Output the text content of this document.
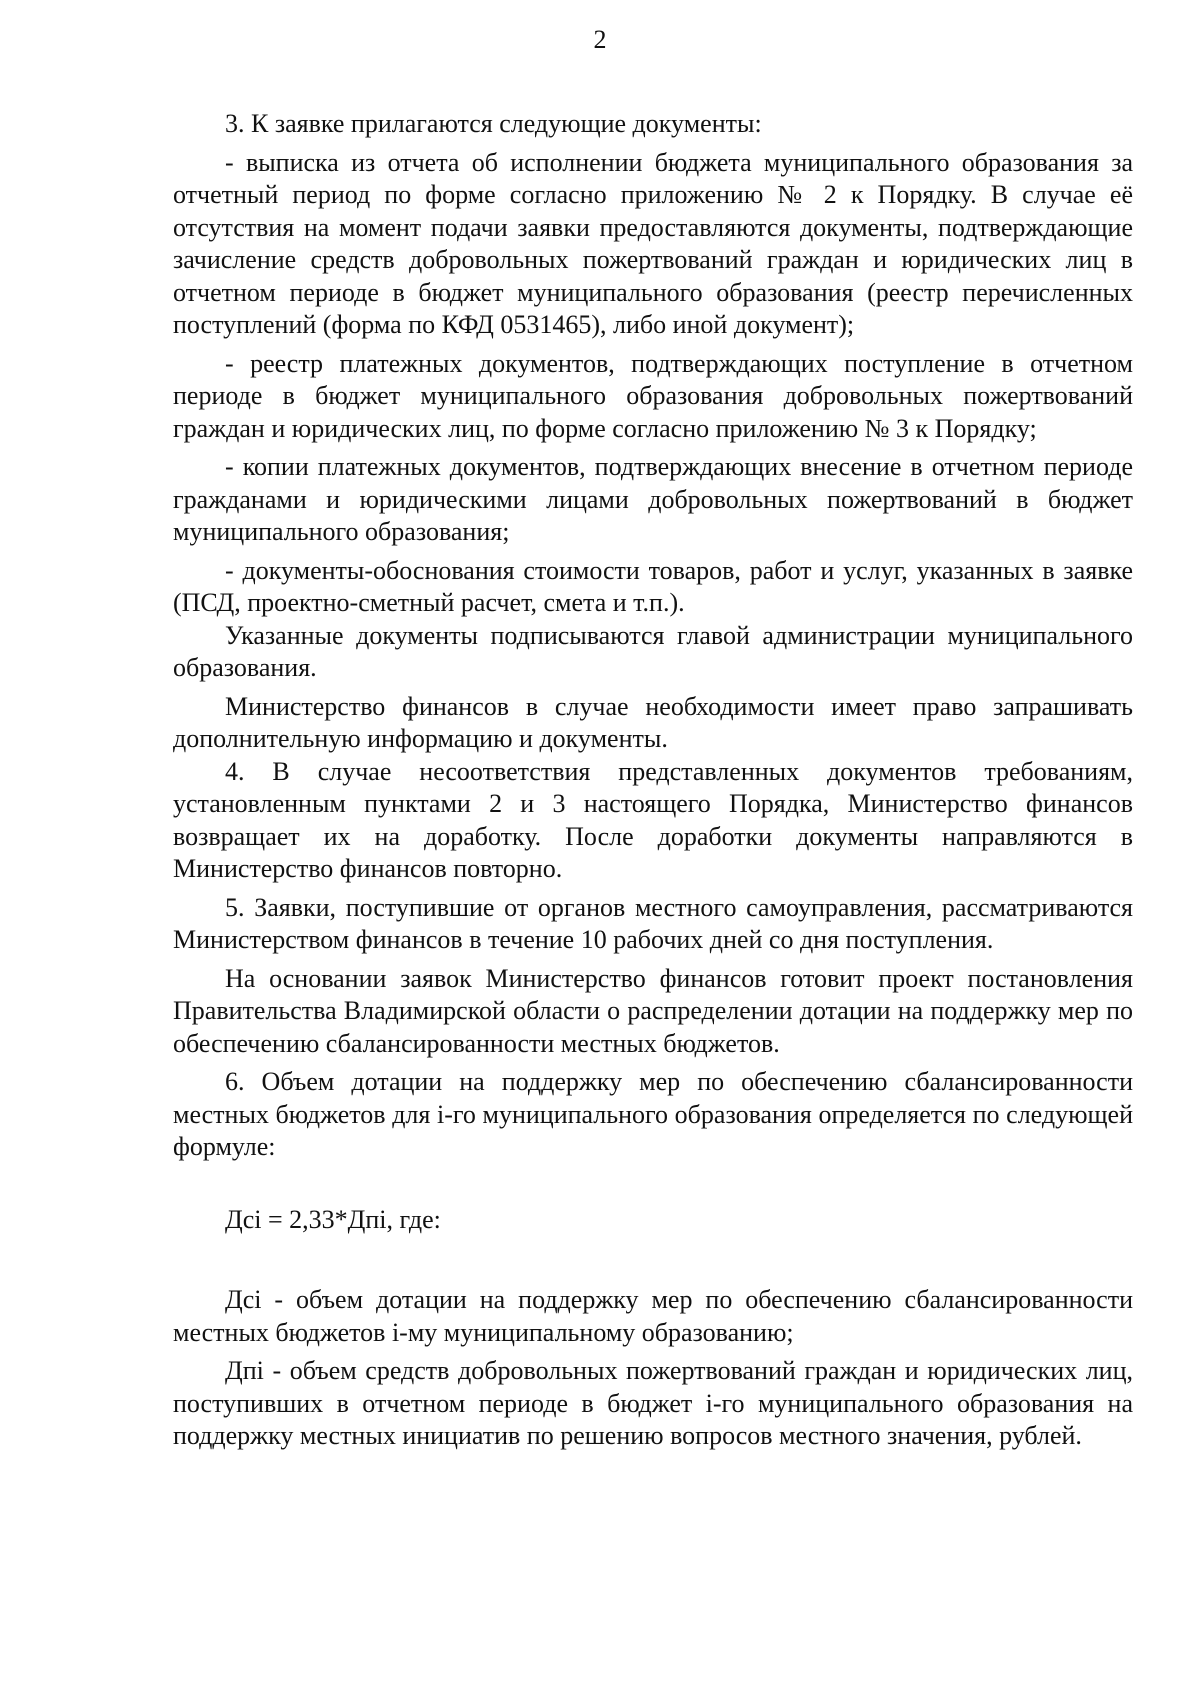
2

3. К заявке прилагаются следующие документы:

- выписка из отчета об исполнении бюджета муниципального образования за отчетный период по форме согласно приложению № 2 к Порядку. В случае её отсутствия на момент подачи заявки предоставляются документы, подтверждающие зачисление средств добровольных пожертвований граждан и юридических лиц в отчетном периоде в бюджет муниципального образования (реестр перечисленных поступлений (форма по КФД 0531465), либо иной документ);

- реестр платежных документов, подтверждающих поступление в отчетном периоде в бюджет муниципального образования добровольных пожертвований граждан и юридических лиц, по форме согласно приложению № 3 к Порядку;

- копии платежных документов, подтверждающих внесение в отчетном периоде гражданами и юридическими лицами добровольных пожертвований в бюджет муниципального образования;

- документы-обоснования стоимости товаров, работ и услуг, указанных в заявке (ПСД, проектно-сметный расчет, смета и т.п.).

Указанные документы подписываются главой администрации муниципального образования.

Министерство финансов в случае необходимости имеет право запрашивать дополнительную информацию и документы.

4. В случае несоответствия представленных документов требованиям, установленным пунктами 2 и 3 настоящего Порядка, Министерство финансов возвращает их на доработку. После доработки документы направляются в Министерство финансов повторно.

5. Заявки, поступившие от органов местного самоуправления, рассматриваются Министерством финансов в течение 10 рабочих дней со дня поступления.

На основании заявок Министерство финансов готовит проект постановления Правительства Владимирской области о распределении дотации на поддержку мер по обеспечению сбалансированности местных бюджетов.

6. Объем дотации на поддержку мер по обеспечению сбалансированности местных бюджетов для i-го муниципального образования определяется по следующей формуле:

Дсi = 2,33*Дпi, где:

Дсi - объем дотации на поддержку мер по обеспечению сбалансированности местных бюджетов i-му муниципальному образованию;

Дпi - объем средств добровольных пожертвований граждан и юридических лиц, поступивших в отчетном периоде в бюджет i-го муниципального образования на поддержку местных инициатив по решению вопросов местного значения, рублей.
